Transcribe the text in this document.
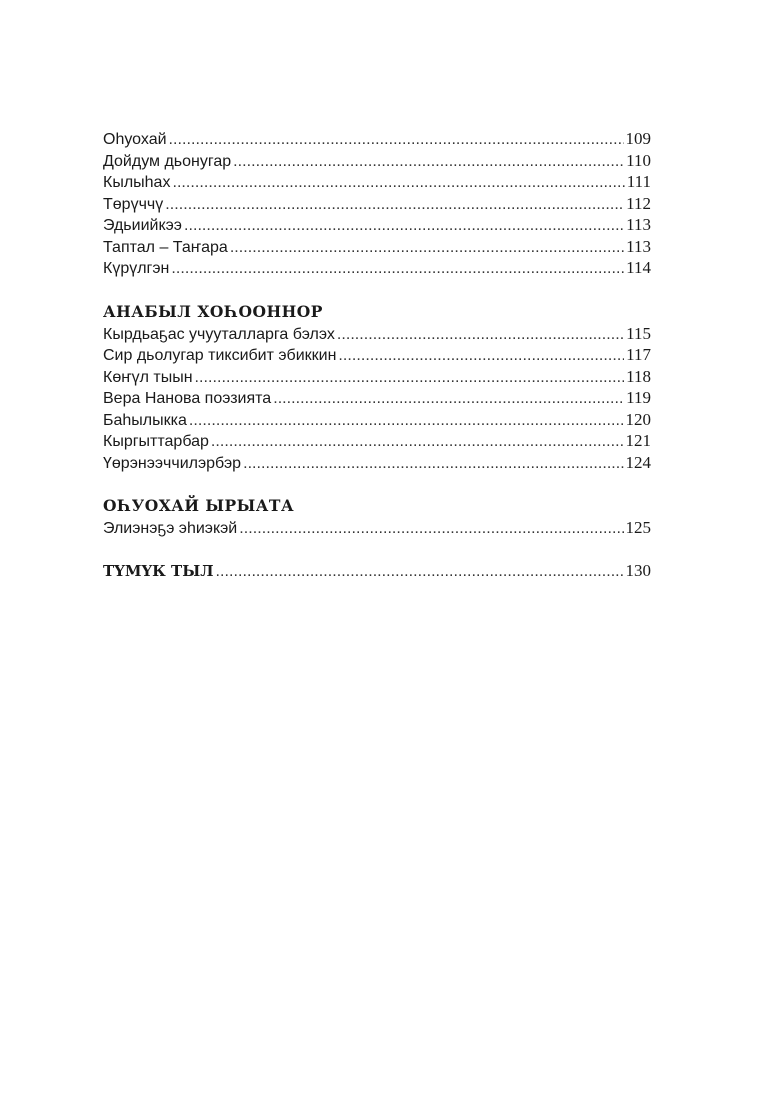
Оһуохай . . .	109
Дойдум дьонугар . . .	110
Кылыһах . . .	111
Төрүччү . . .	112
Эдьиийкээ . . .	113
Таптал – Таҥара . . .	113
Күрүлгэн . . .	114
АНАБЫЛ ХОҺООННОР
Кырдьаҕас учууталларга бэлэх . . .	115
Сир дьолугар тиксибит эбиккин . . .	117
Көҥүл тыын . . .	118
Вера Нанова поэзията . . .	119
Баһылыкка . . .	120
Кыргыттарбар . . .	121
Үөрэнээччилэрбэр . . .	124
ОҺУОХАЙ ЫРЫАТА
Элиэнэҕэ эһиэкэй . . .	125
ТҮМҮК ТЫЛ . . .	130
